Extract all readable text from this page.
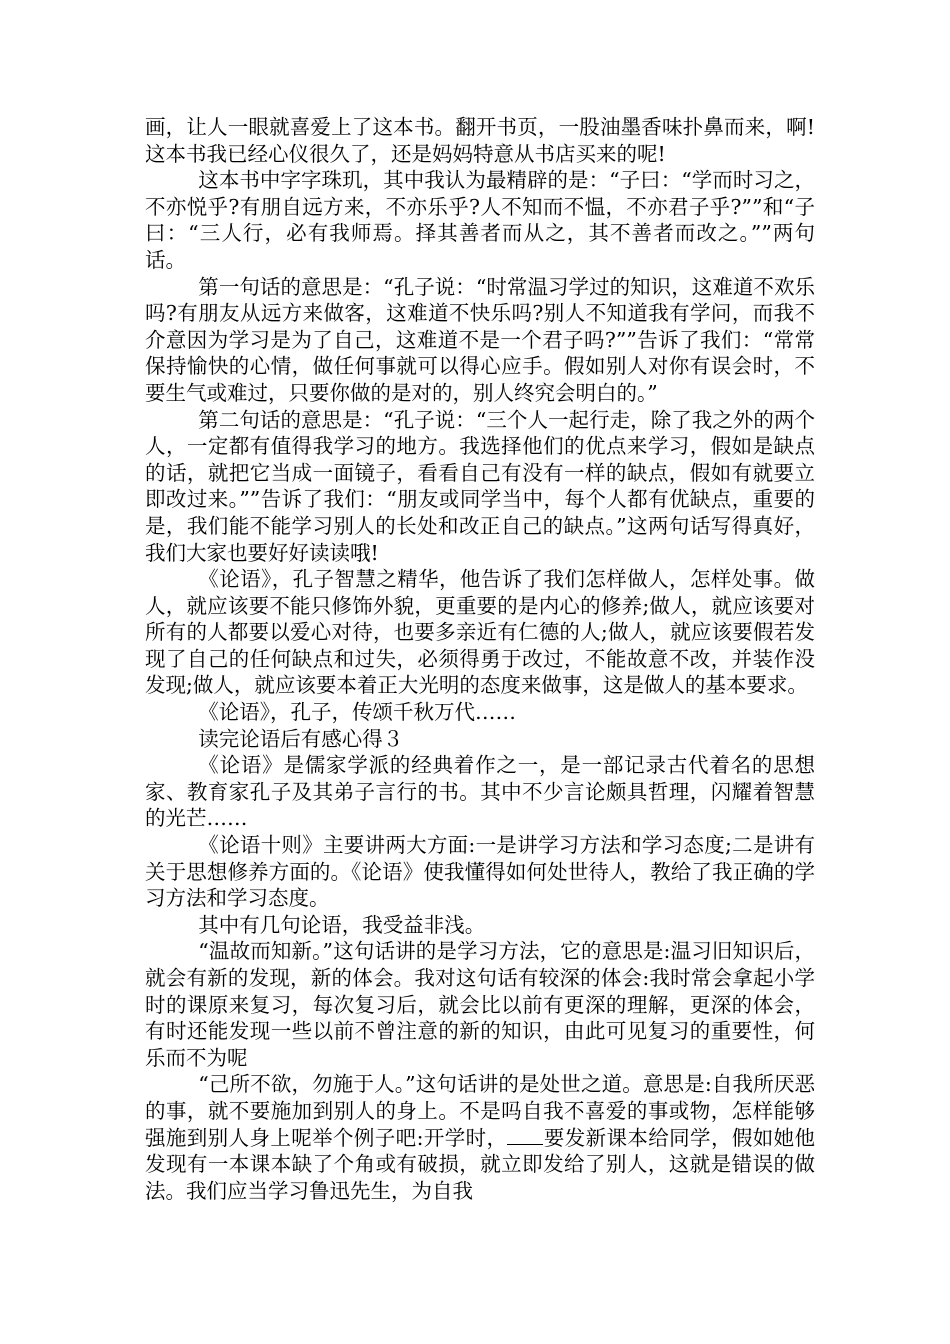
画，让人一眼就喜爱上了这本书。翻开书页，一股油墨香味扑鼻而来，啊!这本书我已经心仪很久了，还是妈妈特意从书店买来的呢!

这本书中字字珠玑，其中我认为最精辟的是：“子曰：“学而时习之，不亦悦乎?有朋自远方来，不亦乐乎?人不知而不愠，不亦君子乎?””和“子曰：“三人行，必有我师焉。择其善者而从之，其不善者而改之。””两句话。

第一句话的意思是：“孔子说：“时常温习学过的知识，这难道不欢乐吗?有朋友从远方来做客，这难道不快乐吗?别人不知道我有学问，而我不介意因为学习是为了自己，这难道不是一个君子吗?””告诉了我们：“常常保持愉快的心情，做任何事就可以得心应手。假如别人对你有误会时，不要生气或难过，只要你做的是对的，别人终究会明白的。”

第二句话的意思是：“孔子说：“三个人一起行走，除了我之外的两个人，一定都有值得我学习的地方。我选择他们的优点来学习，假如是缺点的话，就把它当成一面镜子，看看自己有没有一样的缺点，假如有就要立即改过来。””告诉了我们：“朋友或同学当中，每个人都有优缺点，重要的是，我们能不能学习别人的长处和改正自己的缺点。”这两句话写得真好，我们大家也要好好读读哦!

《论语》，孔子智慧之精华，他告诉了我们怎样做人，怎样处事。做人，就应该要不能只修饰外貌，更重要的是内心的修养;做人，就应该要对所有的人都要以爱心对待，也要多亲近有仁德的人;做人，就应该要假若发现了自己的任何缺点和过失，必须得勇于改过，不能故意不改，并装作没发现;做人，就应该要本着正大光明的态度来做事，这是做人的基本要求。

《论语》，孔子，传颂千秋万代……

读完论语后有感心得３

《论语》是儒家学派的经典着作之一，是一部记录古代着名的思想家、教育家孔子及其弟子言行的书。其中不少言论颇具哲理，闪耀着智慧的光芒……

《论语十则》主要讲两大方面:一是讲学习方法和学习态度;二是讲有关于思想修养方面的。《论语》使我懂得如何处世待人，教给了我正确的学习方法和学习态度。

其中有几句论语，我受益非浅。

“温故而知新。”这句话讲的是学习方法，它的意思是:温习旧知识后，就会有新的发现，新的体会。我对这句话有较深的体会:我时常会拿起小学时的课原来复习，每次复习后，就会比以前有更深的理解，更深的体会，有时还能发现一些以前不曾注意的新的知识，由此可见复习的重要性，何乐而不为呢

“己所不欲，勿施于人。”这句话讲的是处世之道。意思是:自我所厌恶的事，就不要施加到别人的身上。不是吗自我不喜爱的事或物，怎样能够强施到别人身上呢举个例子吧:开学时， 要发新课本给同学，假如她他发现有一本课本缺了个角或有破损，就立即发给了别人，这就是错误的做法。我们应当学习鲁迅先生，为自我
